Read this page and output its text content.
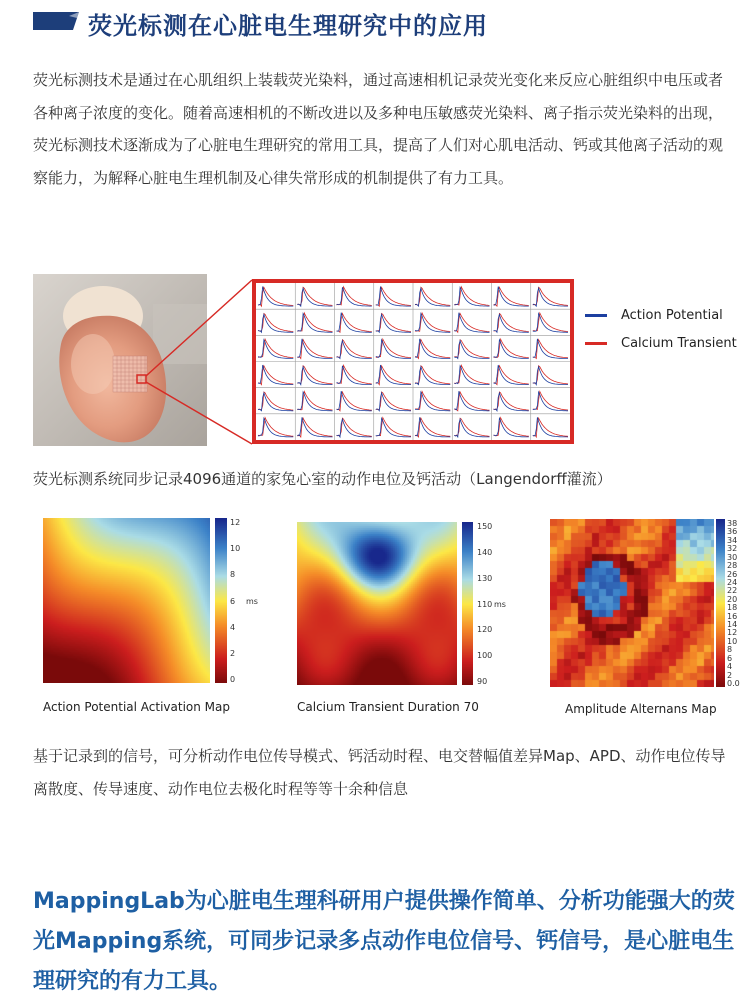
荧光标测在心脏电生理研究中的应用
荧光标测技术是通过在心肌组织上装载荧光染料，通过高速相机记录荧光变化来反应心脏组织中电压或者各种离子浓度的变化。随着高速相机的不断改进以及多种电压敏感荧光染料、离子指示荧光染料的出现，荧光标测技术逐渐成为了心脏电生理研究的常用工具，提高了人们对心肌电活动、钙或其他离子活动的观察能力，为解释心脏电生理机制及心律失常形成的机制提供了有力工具。
Action Potential
Calcium Transient
荧光标测系统同步记录4096通道的家兔心室的动作电位及钙活动（Langendorff灌流）
12
10
8
6
4
2
0
ms
Action Potential Activation Map
150
140
130
110
120
100
90
ms
Calcium Transient Duration 70
38
36
34
32
30
28
26
24
22
20
18
16
14
12
10
8
6
4
2
0.0
Amplitude Alternans Map
基于记录到的信号，可分析动作电位传导模式、钙活动时程、电交替幅值差异Map、APD、动作电位传导离散度、传导速度、动作电位去极化时程等等十余种信息
MappingLab为心脏电生理科研用户提供操作简单、分析功能强大的荧光Mapping系统，可同步记录多点动作电位信号、钙信号，是心脏电生理研究的有力工具。
